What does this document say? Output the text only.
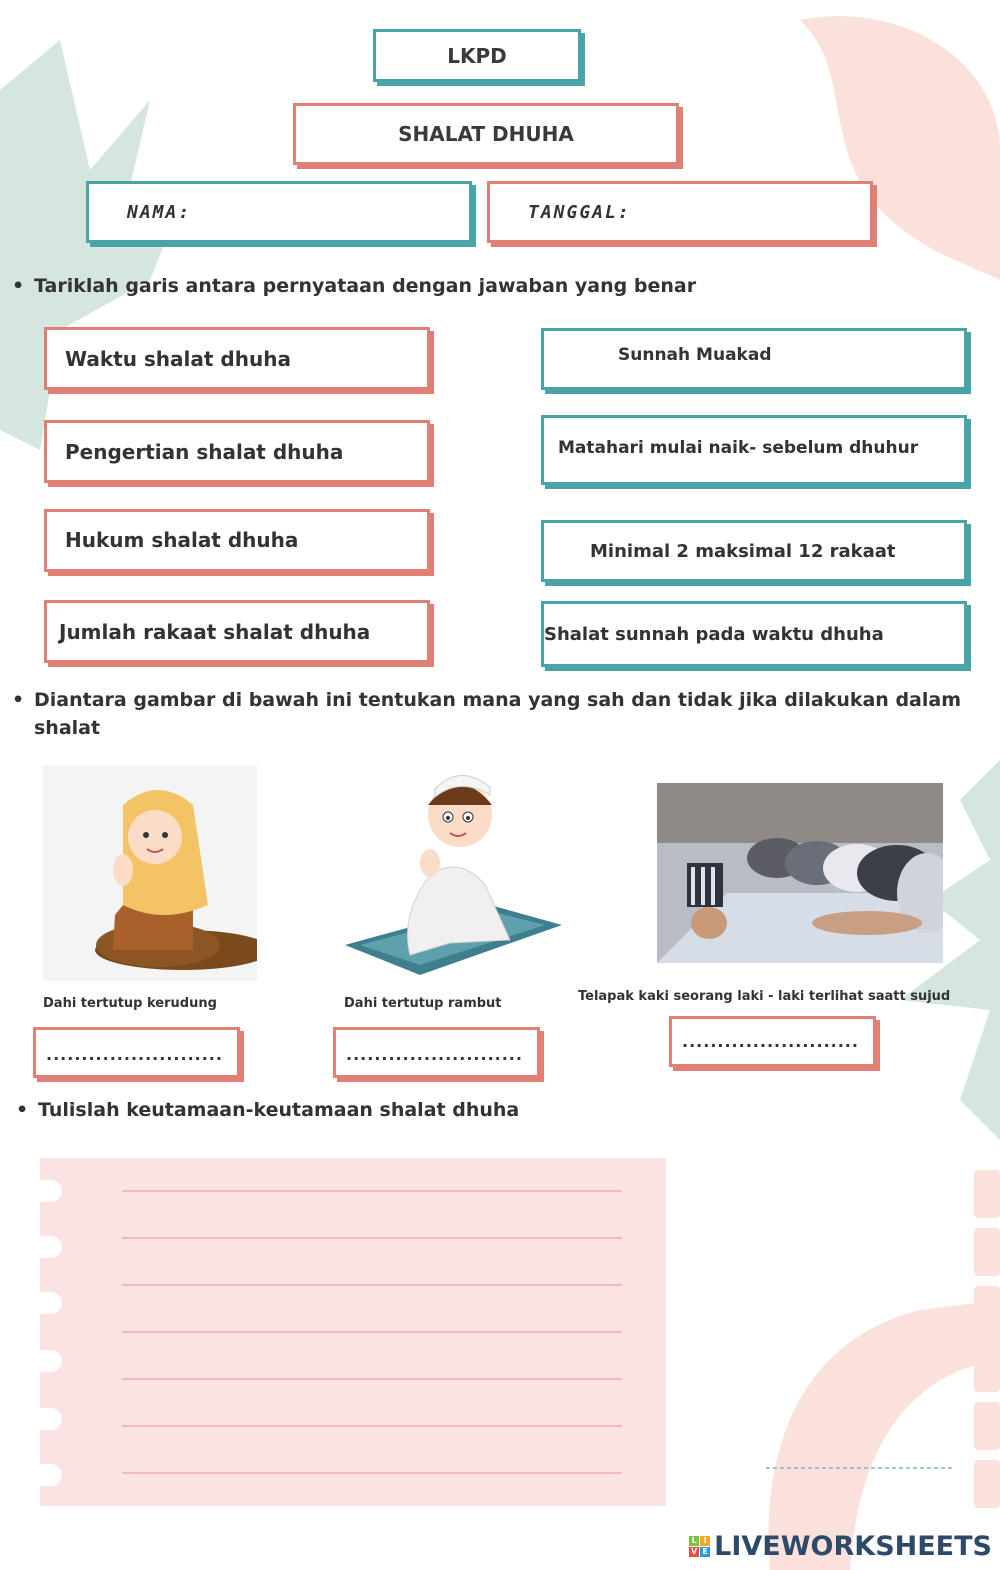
LKPD
SHALAT DHUHA
NAMA:	TANGGAL:
• Tariklah garis antara pernyataan dengan jawaban yang benar
Waktu shalat dhuha
Pengertian shalat dhuha
Hukum shalat dhuha
Jumlah rakaat shalat dhuha
Sunnah Muakad
Matahari mulai naik- sebelum dhuhur
Minimal 2 maksimal 12 rakaat
Shalat sunnah pada waktu dhuha
• Diantara gambar di bawah ini tentukan mana yang sah dan tidak jika dilakukan dalam shalat
Dahi tertutup kerudung	Dahi tertutup rambut	Telapak kaki seorang laki - laki terlihat saatt sujud
.........................	.........................
.........................
• Tulislah keutamaan-keutamaan shalat dhuha
L I
V E LIVEWORKSHEETS
